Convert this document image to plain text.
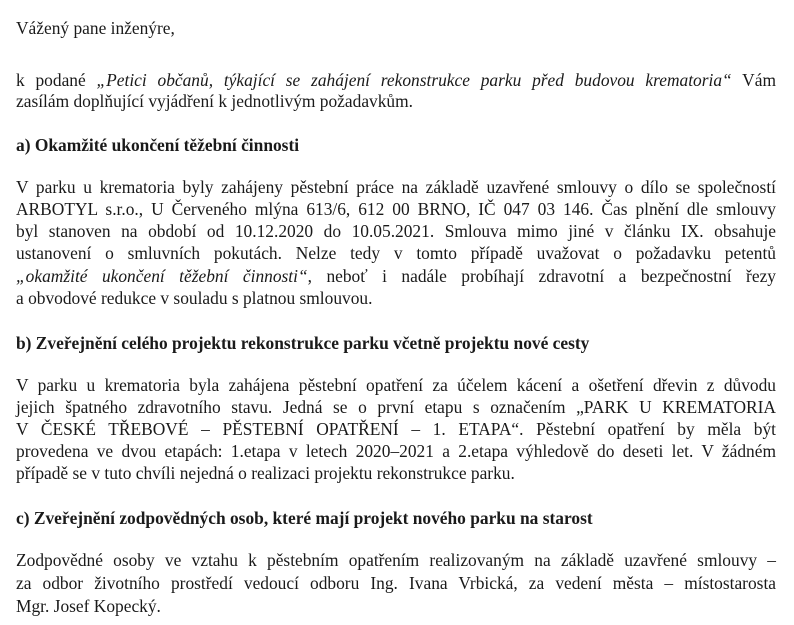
Vážený pane inženýre,
k podané „Petici občanů, týkající se zahájení rekonstrukce parku před budovou krematoria“ Vám
zasílám doplňující vyjádření k jednotlivým požadavkům.
a) Okamžité ukončení těžební činnosti
V parku u krematoria byly zahájeny pěstební práce na základě uzavřené smlouvy o dílo se společností
ARBOTYL s.r.o., U Červeného mlýna 613/6, 612 00 BRNO, IČ 047 03 146. Čas plnění dle smlouvy
byl stanoven na období od 10.12.2020 do 10.05.2021. Smlouva mimo jiné v článku IX. obsahuje
ustanovení o smluvních pokutách. Nelze tedy v tomto případě uvažovat o požadavku petentů
„okamžité ukončení těžební činnosti“, neboť i nadále probíhají zdravotní a bezpečnostní řezy
a obvodové redukce v souladu s platnou smlouvou.
b) Zveřejnění celého projektu rekonstrukce parku včetně projektu nové cesty
V parku u krematoria byla zahájena pěstební opatření za účelem kácení a ošetření dřevin z důvodu
jejich špatného zdravotního stavu. Jedná se o první etapu s označením „PARK U KREMATORIA
V ČESKÉ TŘEBOVÉ – PĚSTEBNÍ OPATŘENÍ – 1. ETAPA“. Pěstební opatření by měla být
provedena ve dvou etapách: 1.etapa v letech 2020–2021 a 2.etapa výhledově do deseti let. V žádném
případě se v tuto chvíli nejedná o realizaci projektu rekonstrukce parku.
c) Zveřejnění zodpovědných osob, které mají projekt nového parku na starost
Zodpovědné osoby ve vztahu k pěstebním opatřením realizovaným na základě uzavřené smlouvy –
za odbor životního prostředí vedoucí odboru Ing. Ivana Vrbická, za vedení města – místostarosta
Mgr. Josef Kopecký.
